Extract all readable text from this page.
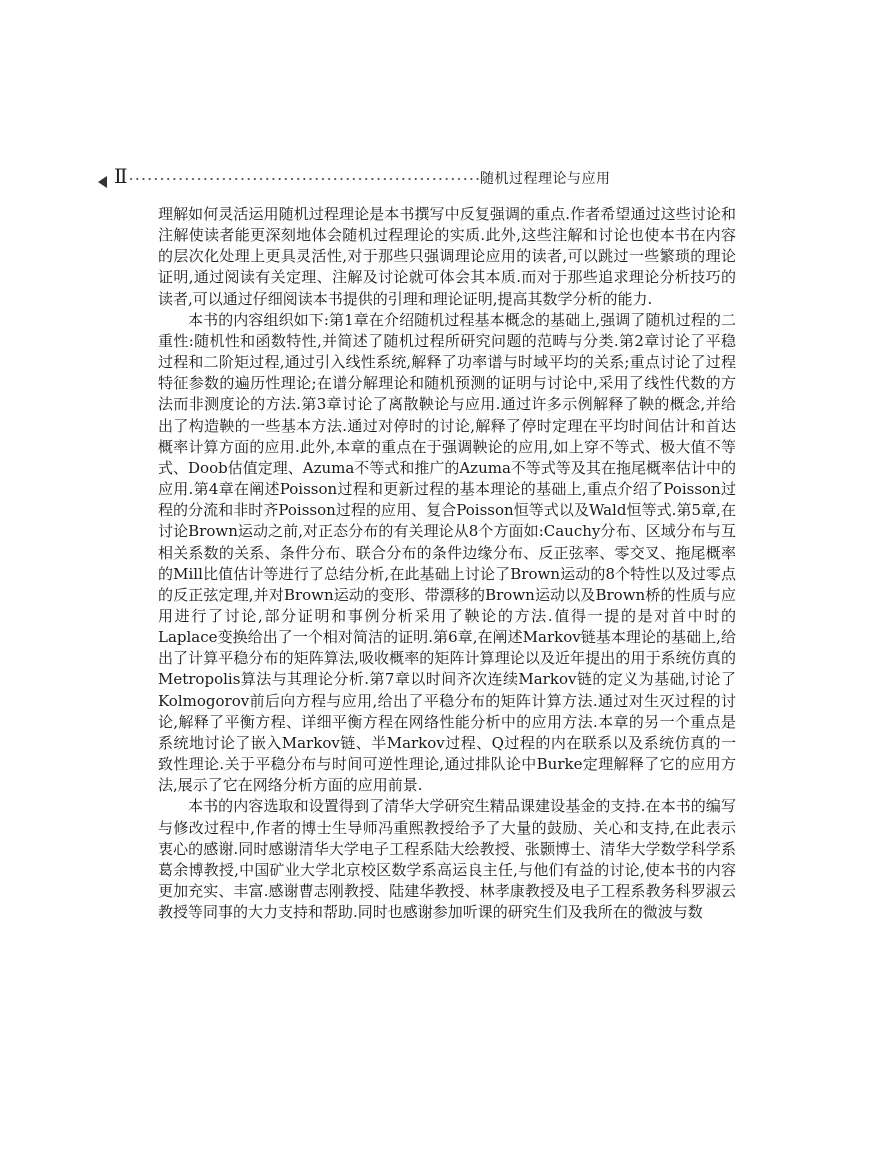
Ⅱ	随机过程理论与应用

理解如何灵活运用随机过程理论是本书撰写中反复强调的重点.作者希望通过这些讨论和注解使读者能更深刻地体会随机过程理论的实质.此外,这些注解和讨论也使本书在内容的层次化处理上更具灵活性,对于那些只强调理论应用的读者,可以跳过一些繁琐的理论证明,通过阅读有关定理、注解及讨论就可体会其本质.而对于那些追求理论分析技巧的读者,可以通过仔细阅读本书提供的引理和理论证明,提高其数学分析的能力.

本书的内容组织如下:第1章在介绍随机过程基本概念的基础上,强调了随机过程的二重性:随机性和函数特性,并简述了随机过程所研究问题的范畴与分类.第2章讨论了平稳过程和二阶矩过程,通过引入线性系统,解释了功率谱与时域平均的关系;重点讨论了过程特征参数的遍历性理论;在谱分解理论和随机预测的证明与讨论中,采用了线性代数的方法而非测度论的方法.第3章讨论了离散鞅论与应用.通过许多示例解释了鞅的概念,并给出了构造鞅的一些基本方法.通过对停时的讨论,解释了停时定理在平均时间估计和首达概率计算方面的应用.此外,本章的重点在于强调鞅论的应用,如上穿不等式、极大值不等式、Doob估值定理、Azuma不等式和推广的Azuma不等式等及其在拖尾概率估计中的应用.第4章在阐述Poisson过程和更新过程的基本理论的基础上,重点介绍了Poisson过程的分流和非时齐Poisson过程的应用、复合Poisson恒等式以及Wald恒等式.第5章,在讨论Brown运动之前,对正态分布的有关理论从8个方面如:Cauchy分布、区域分布与互相关系数的关系、条件分布、联合分布的条件边缘分布、反正弦率、零交叉、拖尾概率的Mill比值估计等进行了总结分析,在此基础上讨论了Brown运动的8个特性以及过零点的反正弦定理,并对Brown运动的变形、带漂移的Brown运动以及Brown桥的性质与应用进行了讨论,部分证明和事例分析采用了鞅论的方法.值得一提的是对首中时的Laplace变换给出了一个相对简洁的证明.第6章,在阐述Markov链基本理论的基础上,给出了计算平稳分布的矩阵算法,吸收概率的矩阵计算理论以及近年提出的用于系统仿真的Metropolis算法与其理论分析.第7章以时间齐次连续Markov链的定义为基础,讨论了Kolmogorov前后向方程与应用,给出了平稳分布的矩阵计算方法.通过对生灭过程的讨论,解释了平衡方程、详细平衡方程在网络性能分析中的应用方法.本章的另一个重点是系统地讨论了嵌入Markov链、半Markov过程、Q过程的内在联系以及系统仿真的一致性理论.关于平稳分布与时间可逆性理论,通过排队论中Burke定理解释了它的应用方法,展示了它在网络分析方面的应用前景.

本书的内容选取和设置得到了清华大学研究生精品课建设基金的支持.在本书的编写与修改过程中,作者的博士生导师冯重熙教授给予了大量的鼓励、关心和支持,在此表示衷心的感谢.同时感谢清华大学电子工程系陆大绘教授、张颢博士、清华大学数学科学系葛余博教授,中国矿业大学北京校区数学系高运良主任,与他们有益的讨论,使本书的内容更加充实、丰富.感谢曹志刚教授、陆建华教授、林孝康教授及电子工程系教务科罗淑云教授等同事的大力支持和帮助.同时也感谢参加听课的研究生们及我所在的微波与数
